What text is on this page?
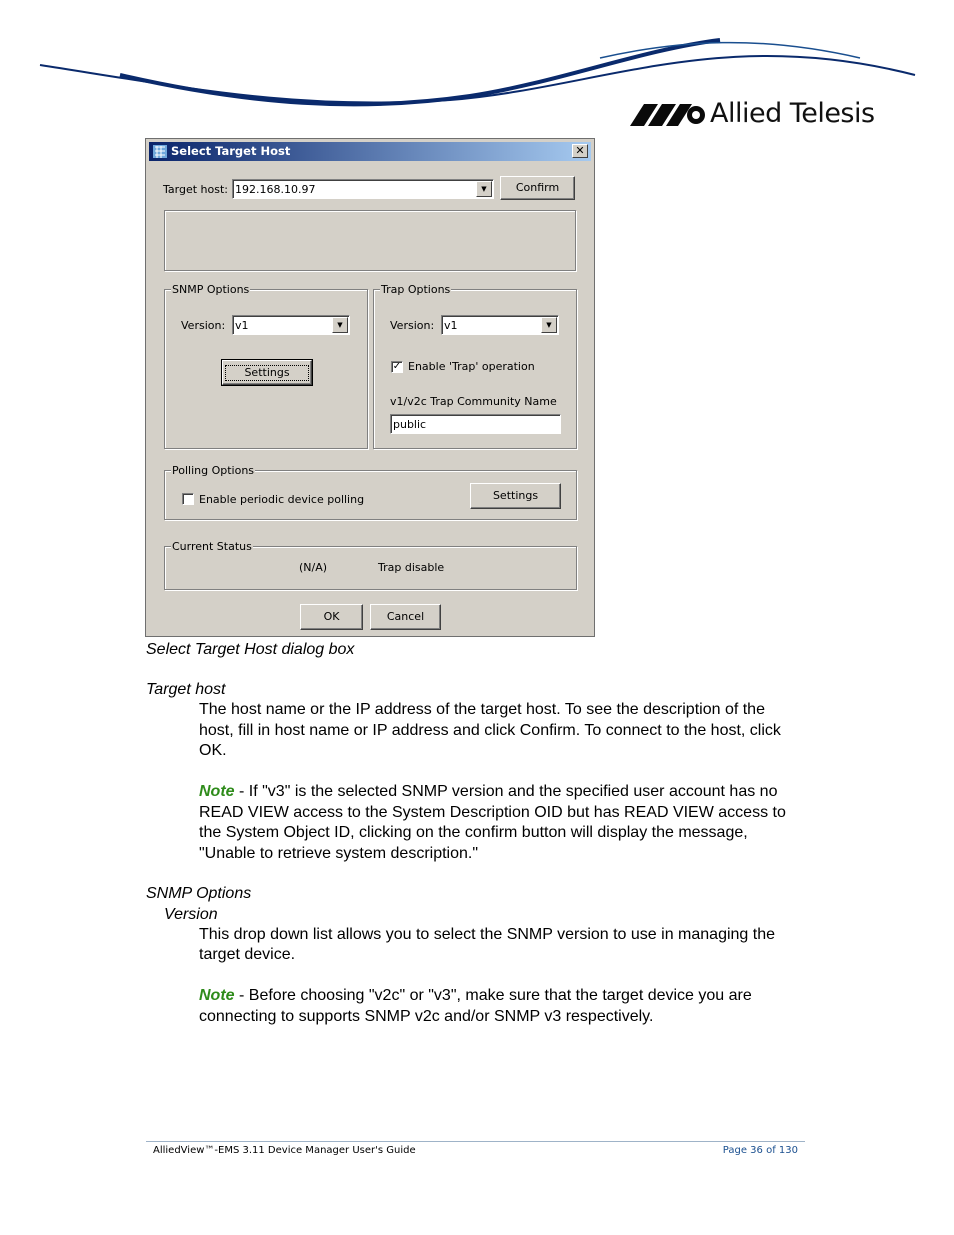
Allied Telesis
Select Target Host	✕
Target host: 192.168.10.97	▼	Confirm
SNMP Options
Version: v1	▼
Settings
Trap Options
Version: v1	▼
✓ Enable 'Trap' operation
v1/v2c Trap Community Name
public
Polling Options
Enable periodic device polling	Settings
Current Status
(N/A)	Trap disable
OK	Cancel
Select Target Host dialog box
Target host
The host name or the IP address of the target host. To see the description of the
host, fill in host name or IP address and click Confirm. To connect to the host, click
OK.
Note - If "v3" is the selected SNMP version and the specified user account has no
READ VIEW access to the System Description OID but has READ VIEW access to
the System Object ID, clicking on the confirm button will display the message,
"Unable to retrieve system description."
SNMP Options
Version
This drop down list allows you to select the SNMP version to use in managing the
target device.
Note - Before choosing "v2c" or "v3", make sure that the target device you are
connecting to supports SNMP v2c and/or SNMP v3 respectively.
AlliedView™-EMS 3.11 Device Manager User's Guide	Page 36 of 130
